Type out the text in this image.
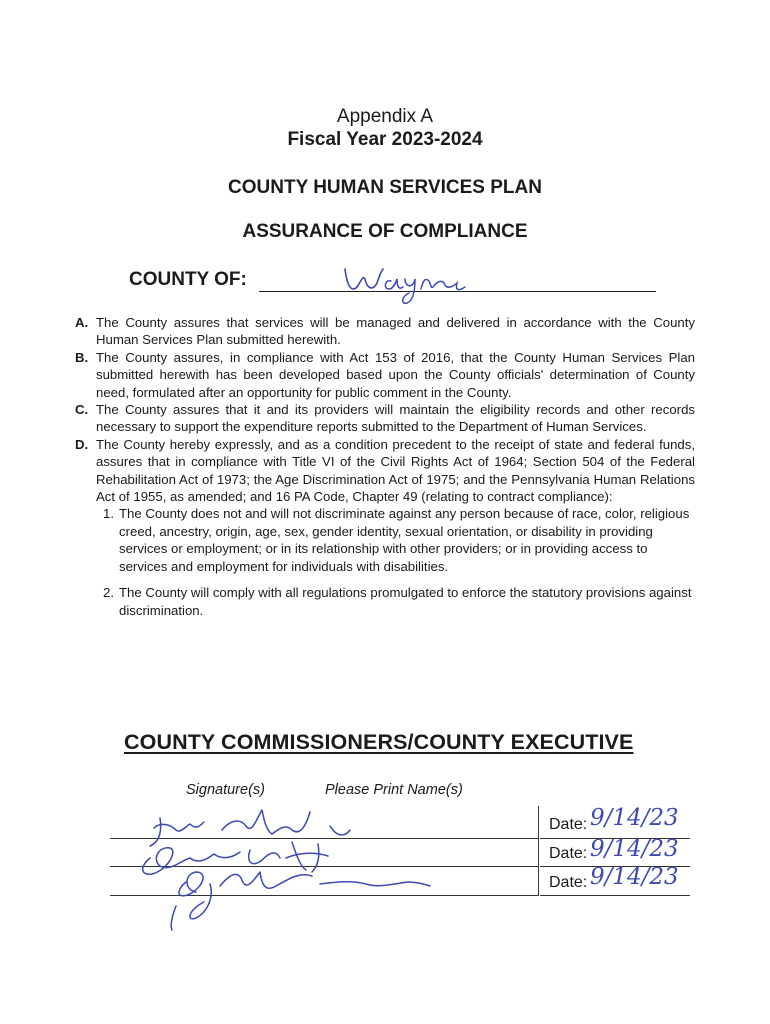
Appendix A
Fiscal Year 2023-2024
COUNTY HUMAN SERVICES PLAN
ASSURANCE OF COMPLIANCE
COUNTY OF:
A. The County assures that services will be managed and delivered in accordance with the County Human Services Plan submitted herewith.
B. The County assures, in compliance with Act 153 of 2016, that the County Human Services Plan submitted herewith has been developed based upon the County officials' determination of County need, formulated after an opportunity for public comment in the County.
C. The County assures that it and its providers will maintain the eligibility records and other records necessary to support the expenditure reports submitted to the Department of Human Services.
D. The County hereby expressly, and as a condition precedent to the receipt of state and federal funds, assures that in compliance with Title VI of the Civil Rights Act of 1964; Section 504 of the Federal Rehabilitation Act of 1973; the Age Discrimination Act of 1975; and the Pennsylvania Human Relations Act of 1955, as amended; and 16 PA Code, Chapter 49 (relating to contract compliance):
1. The County does not and will not discriminate against any person because of race, color, religious creed, ancestry, origin, age, sex, gender identity, sexual orientation, or disability in providing services or employment; or in its relationship with other providers; or in providing access to services and employment for individuals with disabilities.
2. The County will comply with all regulations promulgated to enforce the statutory provisions against discrimination.
COUNTY COMMISSIONERS/COUNTY EXECUTIVE
Signature(s)	Please Print Name(s)
Date: 9/14/23
Date: 9/14/23
Date: 9/14/23
